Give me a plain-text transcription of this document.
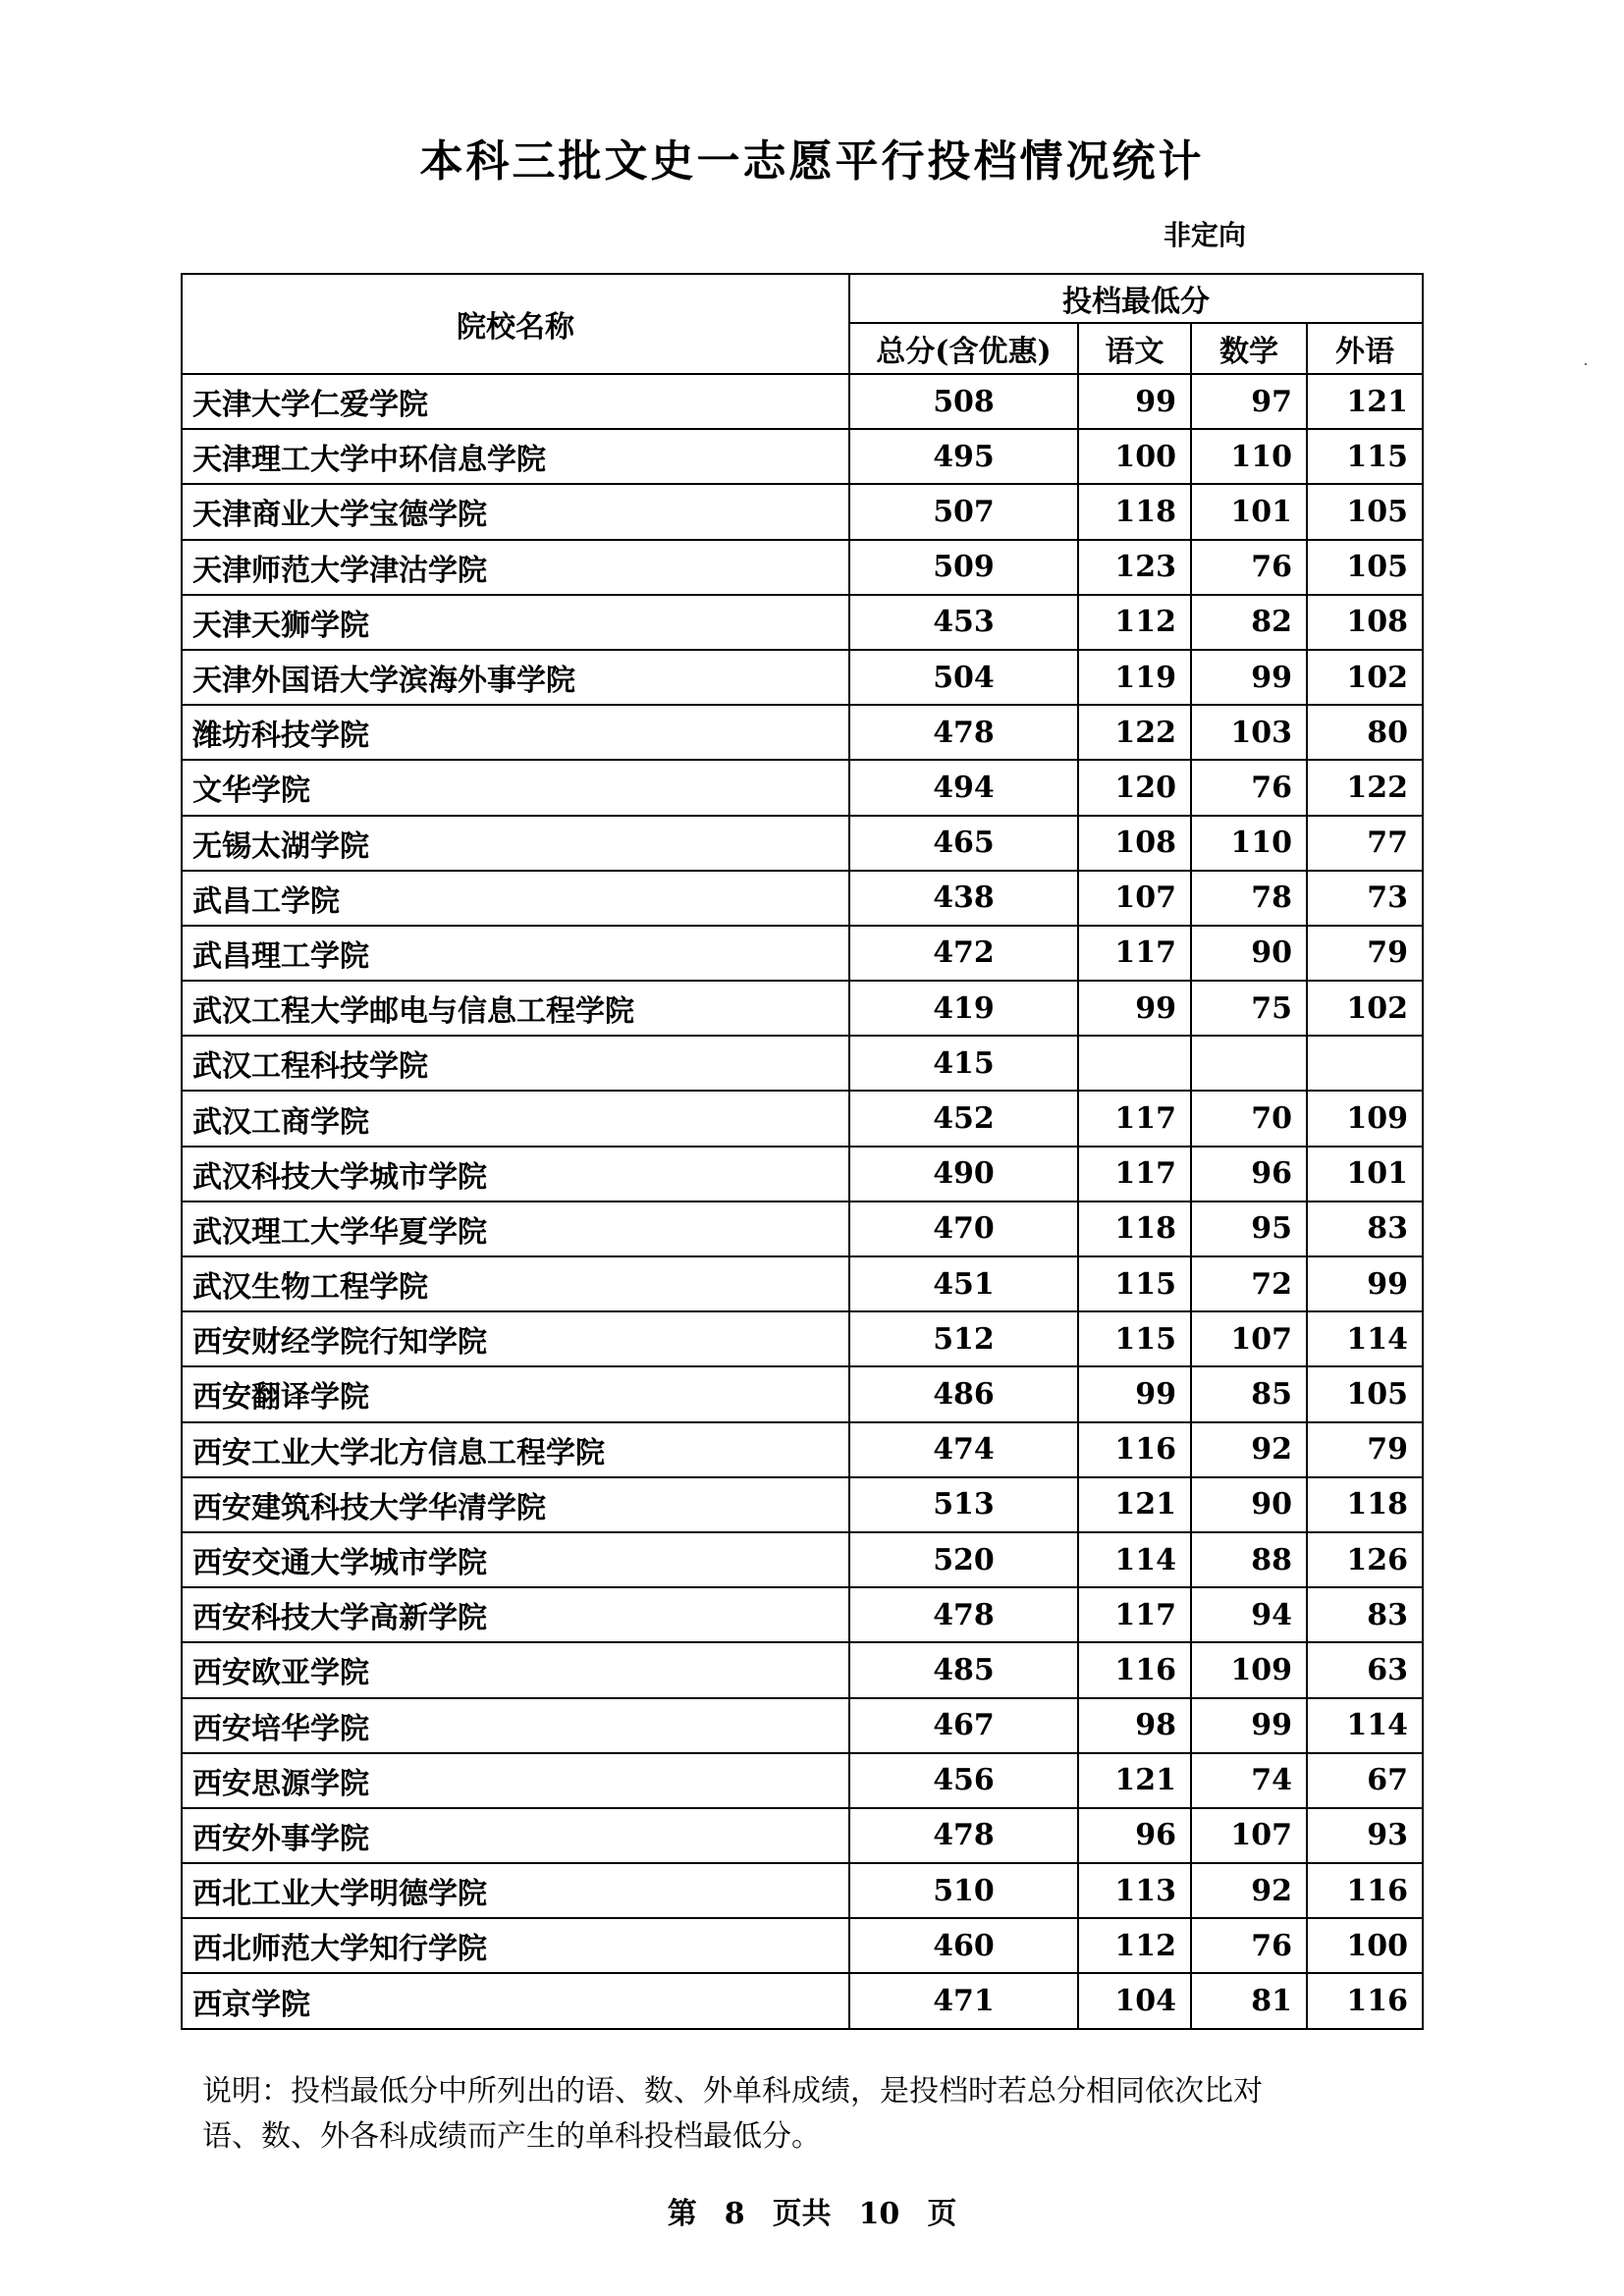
本科三批文史一志愿平行投档情况统计
非定向
院校名称	投档最低分			
	总分(含优惠)	语文	数学	外语
天津大学仁爱学院	508	99	97	121
天津理工大学中环信息学院	495	100	110	115
天津商业大学宝德学院	507	118	101	105
天津师范大学津沽学院	509	123	76	105
天津天狮学院	453	112	82	108
天津外国语大学滨海外事学院	504	119	99	102
潍坊科技学院	478	122	103	80
文华学院	494	120	76	122
无锡太湖学院	465	108	110	77
武昌工学院	438	107	78	73
武昌理工学院	472	117	90	79
武汉工程大学邮电与信息工程学院	419	99	75	102
武汉工程科技学院	415			
武汉工商学院	452	117	70	109
武汉科技大学城市学院	490	117	96	101
武汉理工大学华夏学院	470	118	95	83
武汉生物工程学院	451	115	72	99
西安财经学院行知学院	512	115	107	114
西安翻译学院	486	99	85	105
西安工业大学北方信息工程学院	474	116	92	79
西安建筑科技大学华清学院	513	121	90	118
西安交通大学城市学院	520	114	88	126
西安科技大学高新学院	478	117	94	83
西安欧亚学院	485	116	109	63
西安培华学院	467	98	99	114
西安思源学院	456	121	74	67
西安外事学院	478	96	107	93
西北工业大学明德学院	510	113	92	116
西北师范大学知行学院	460	112	76	100
西京学院	471	104	81	116
说明：投档最低分中所列出的语、数、外单科成绩，是投档时若总分相同依次比对
语、数、外各科成绩而产生的单科投档最低分。
第 8 页共 10 页
